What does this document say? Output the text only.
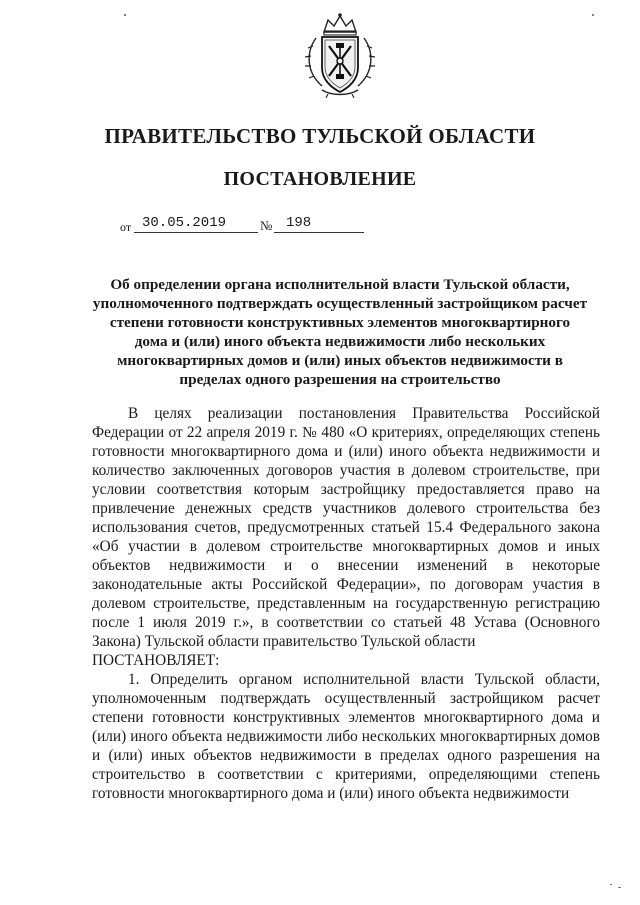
ПРАВИТЕЛЬСТВО ТУЛЬСКОЙ ОБЛАСТИ
ПОСТАНОВЛЕНИЕ
от 30.05.2019	№ 198
Об определении органа исполнительной власти Тульской области, уполномоченного подтверждать осуществленный застройщиком расчет степени готовности конструктивных элементов многоквартирного дома и (или) иного объекта недвижимости либо нескольких многоквартирных домов и (или) иных объектов недвижимости в пределах одного разрешения на строительство

В целях реализации постановления Правительства Российской Федерации от 22 апреля 2019 г. № 480 «О критериях, определяющих степень готовности многоквартирного дома и (или) иного объекта недвижимости и количество заключенных договоров участия в долевом строительстве, при условии соответствия которым застройщику предоставляется право на привлечение денежных средств участников долевого строительства без использования счетов, предусмотренных статьей 15.4 Федерального закона «Об участии в долевом строительстве многоквартирных домов и иных объектов недвижимости и о внесении изменений в некоторые законодательные акты Российской Федерации», по договорам участия в долевом строительстве, представленным на государственную регистрацию после 1 июля 2019 г.», в соответствии со статьей 48 Устава (Основного Закона) Тульской области правительство Тульской области

ПОСТАНОВЛЯЕТ:

1. Определить органом исполнительной власти Тульской области, уполномоченным подтверждать осуществленный застройщиком расчет степени готовности конструктивных элементов многоквартирного дома и (или) иного объекта недвижимости либо нескольких многоквартирных домов и (или) иных объектов недвижимости в пределах одного разрешения на строительство в соответствии с критериями, определяющими степень готовности многоквартирного дома и (или) иного объекта недвижимости
